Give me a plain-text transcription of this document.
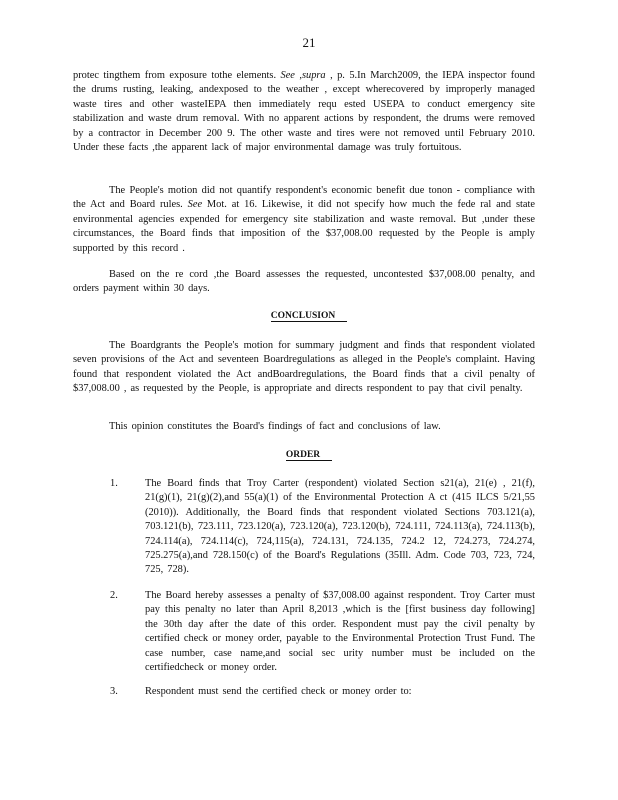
21

protec tingthem from exposure tothe elements. See ,supra , p. 5.In March2009, the IEPA inspector found the drums rusting, leaking, andexposed to the weather , except wherecovered by improperly managed waste tires and other wasteIEPA then immediately requ ested USEPA to conduct emergency site stabilization and waste drum removal. With no apparent actions by respondent, the drums were removed by a contractor in December 200 9. The other waste and tires were not removed until February 2010. Under these facts ,the apparent lack of major environmental damage was truly fortuitous.

The People's motion did not quantify respondent's economic benefit due tonon - compliance with the Act and Board rules. See Mot. at 16. Likewise, it did not specify how much the fede ral and state environmental agencies expended for emergency site stabilization and waste removal. But ,under these circumstances, the Board finds that imposition of the $37,008.00 requested by the People is amply supported by this record .

Based on the re cord ,the Board assesses the requested, uncontested $37,008.00 penalty, and orders payment within 30 days.

CONCLUSION

The Boardgrants the People's motion for summary judgment and finds that respondent violated seven provisions of the Act and seventeen Boardregulations as alleged in the People's complaint. Having found that respondent violated the Act andBoardregulations, the Board finds that a civil penalty of $37,008.00 , as requested by the People, is appropriate and directs respondent to pay that civil penalty.

This opinion constitutes the Board's findings of fact and conclusions of law.

ORDER
1.	The Board finds that Troy Carter (respondent) violated Section s21(a), 21(e) , 21(f), 21(g)(1), 21(g)(2),and 55(a)(1) of the Environmental Protection A ct (415 ILCS 5/21,55 (2010)). Additionally, the Board finds that respondent violated Sections 703.121(a), 703.121(b), 723.111, 723.120(a), 723.120(a), 723.120(b), 724.111, 724.113(a), 724.113(b), 724.114(a), 724.114(c), 724,115(a), 724.131, 724.135, 724.2 12, 724.273, 724.274, 725.275(a),and 728.150(c) of the Board's Regulations (35Ill. Adm. Code 703, 723, 724, 725, 728).
2.	The Board hereby assesses a penalty of $37,008.00 against respondent. Troy Carter must pay this penalty no later than April 8,2013 ,which is the [first business day following] the 30th day after the date of this order. Respondent must pay the civil penalty by certified check or money order, payable to the Environmental Protection Trust Fund. The case number, case name,and social sec urity number must be included on the certifiedcheck or money order.
3.	Respondent must send the certified check or money order to:
